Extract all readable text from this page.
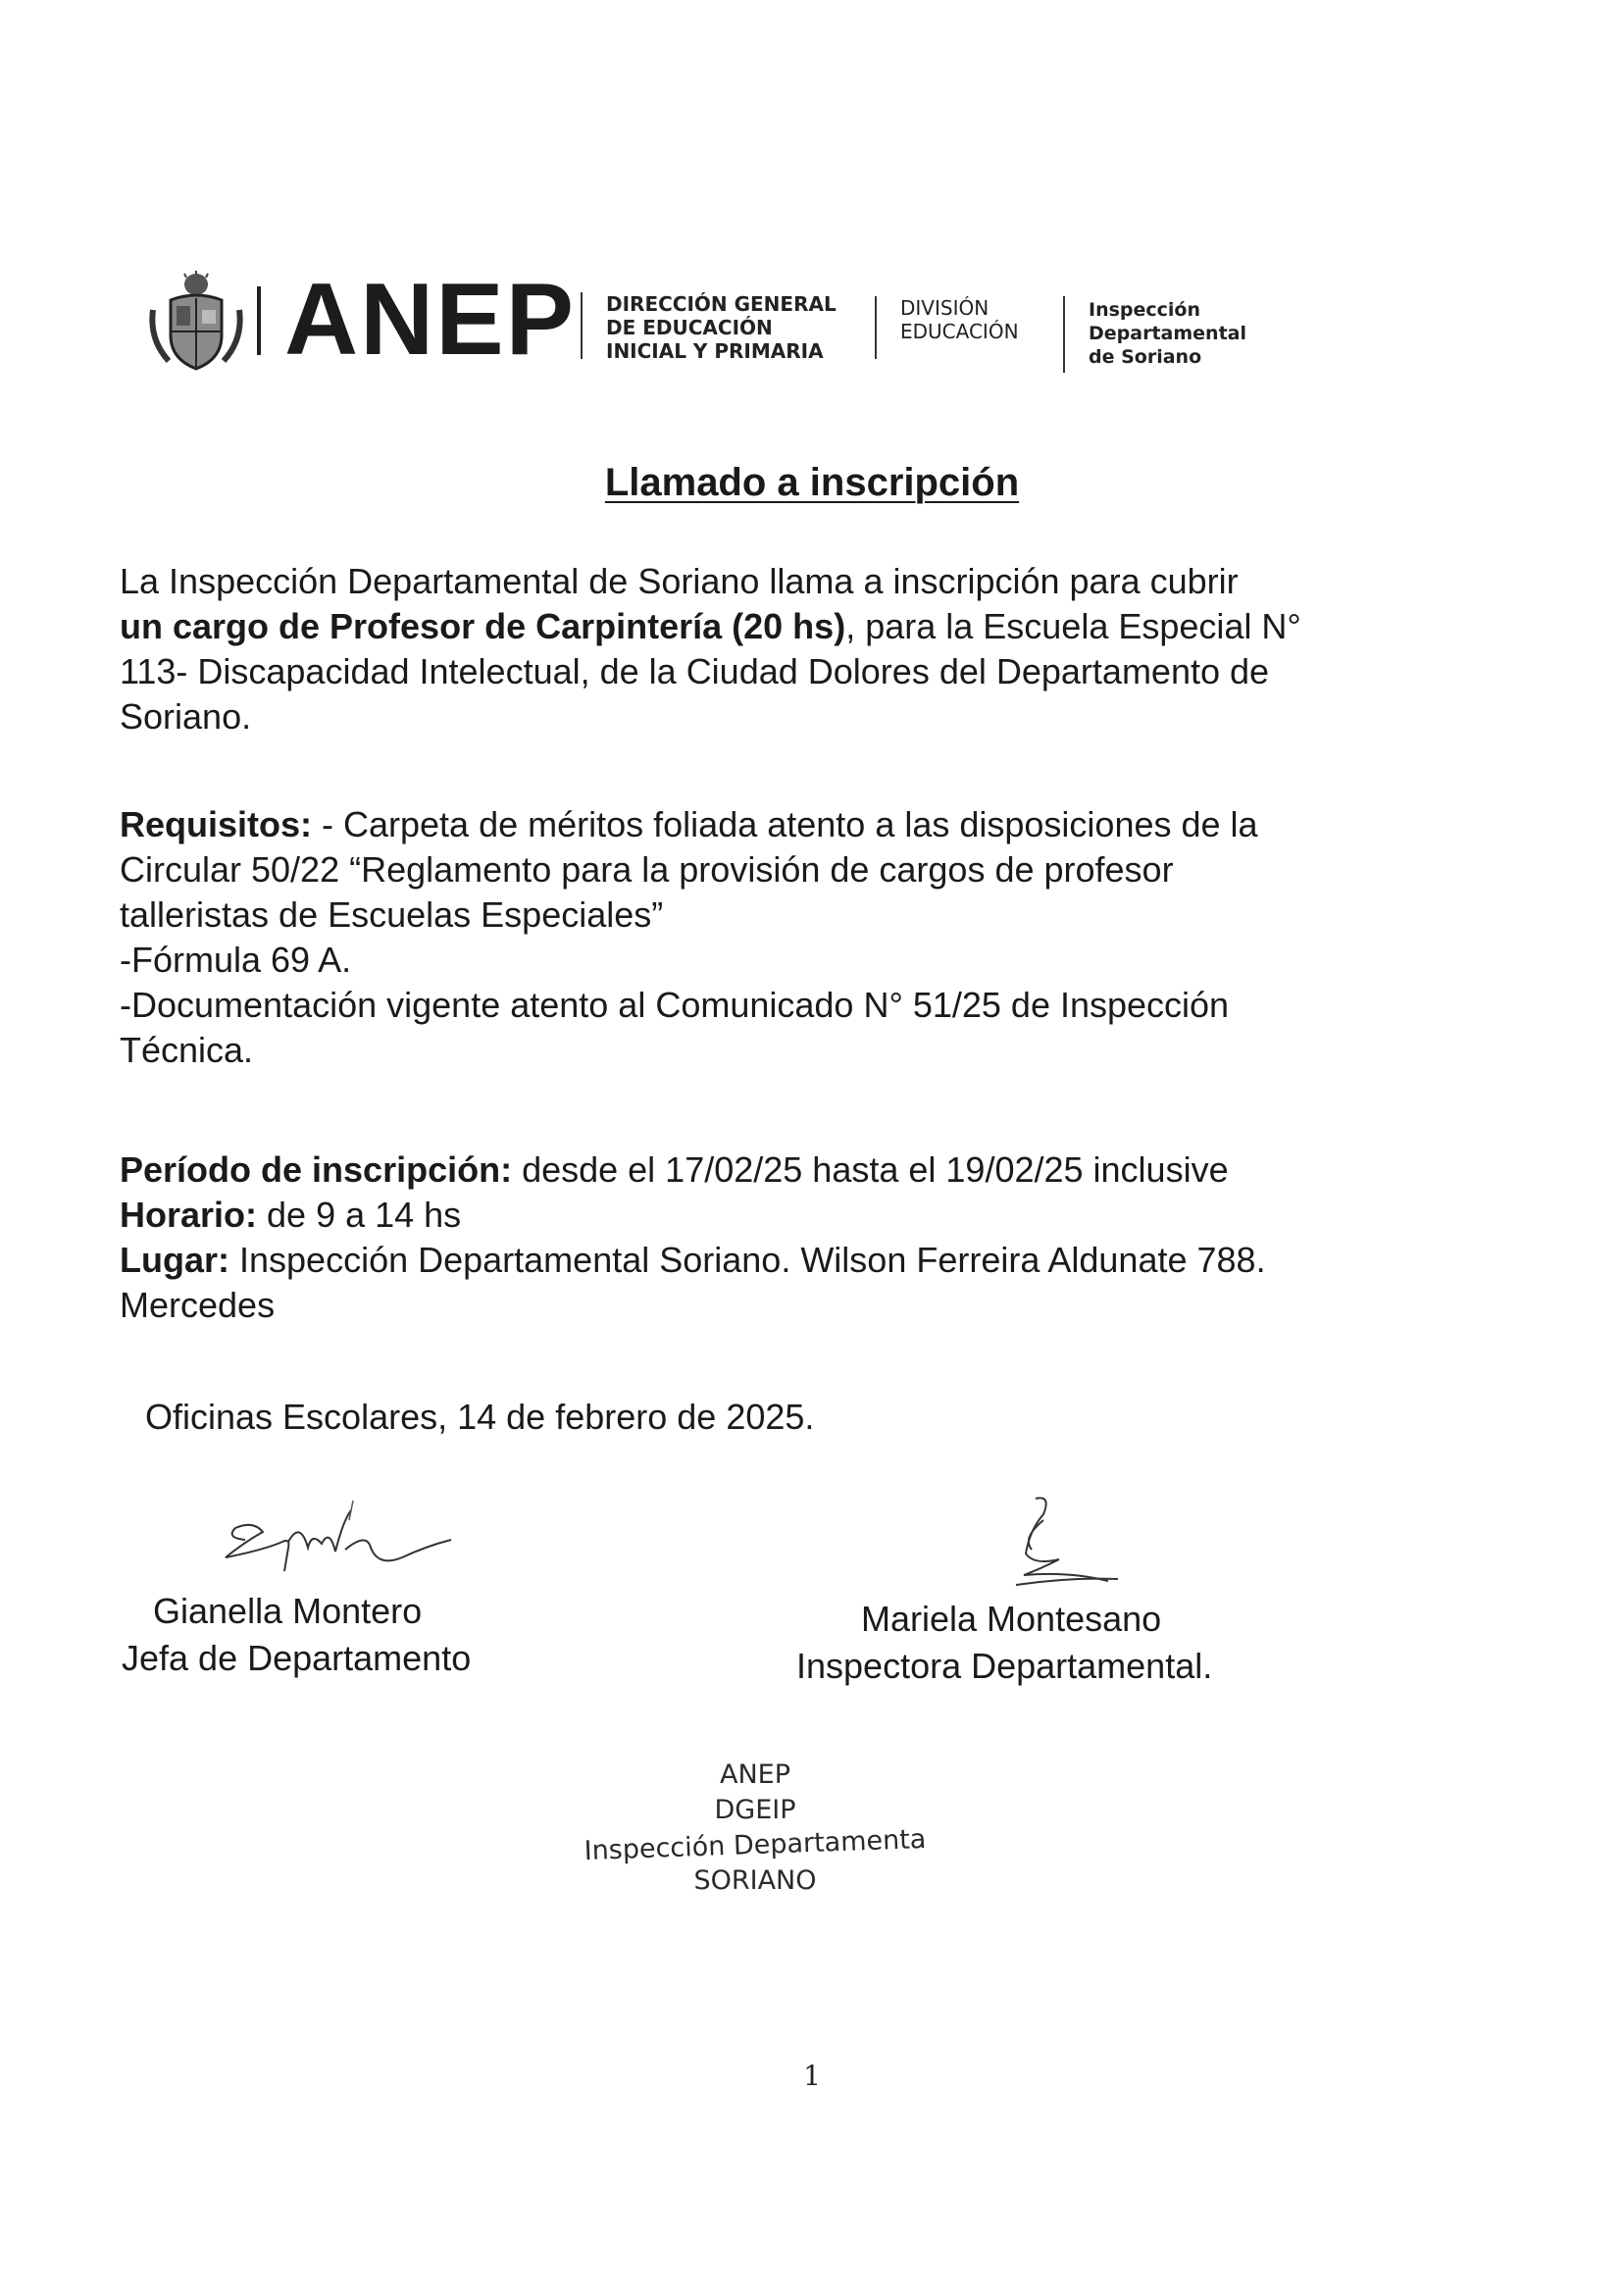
ANEP DIRECCIÓN GENERAL
DE EDUCACIÓN
INICIAL Y PRIMARIA
DIVISIÓN
EDUCACIÓN
Inspección
Departamental
de Soriano
Llamado a inscripción
La Inspección Departamental de Soriano llama a inscripción para cubrir
un cargo de Profesor de Carpintería (20 hs), para la Escuela Especial N°
113- Discapacidad Intelectual, de la Ciudad Dolores del Departamento de
Soriano.
Requisitos: - Carpeta de méritos foliada atento a las disposiciones de la
Circular 50/22 “Reglamento para la provisión de cargos de profesor
talleristas de Escuelas Especiales”
-Fórmula 69 A.
-Documentación vigente atento al Comunicado N° 51/25 de Inspección
Técnica.
Período de inscripción: desde el 17/02/25 hasta el 19/02/25 inclusive
Horario: de 9 a 14 hs
Lugar: Inspección Departamental Soriano. Wilson Ferreira Aldunate 788.
Mercedes
Oficinas Escolares, 14 de febrero de 2025.
Gianella Montero
Jefa de Departamento
Mariela Montesano
Inspectora Departamental.
ANEP
DGEIP
Inspección Departamenta
SORIANO
1
